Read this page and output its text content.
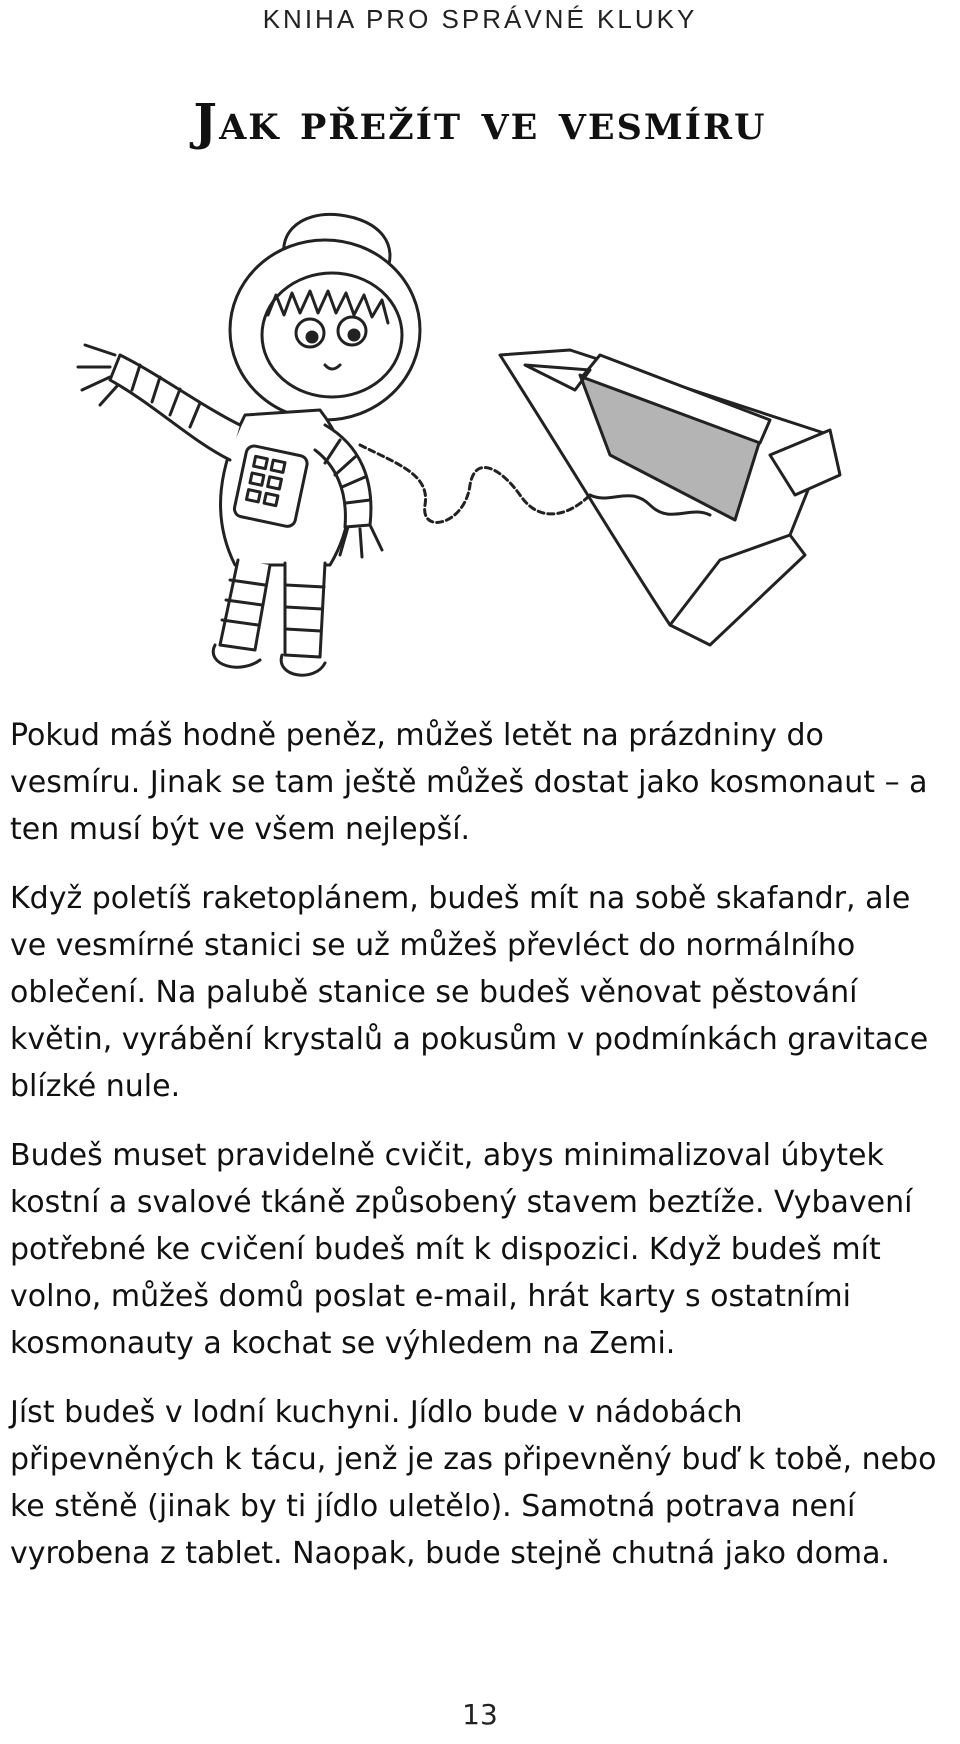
KNIHA PRO SPRÁVNÉ KLUKY
Jak přežít ve vesmíru

Pokud máš hodně peněz, můžeš letět na prázdniny do vesmíru. Jinak se tam ještě můžeš dostat jako kosmonaut – a ten musí být ve všem nejlepší.

Když poletíš raketoplánem, budeš mít na sobě skafandr, ale ve vesmírné stanici se už můžeš převléct do normálního oblečení. Na palubě stanice se budeš věnovat pěstování květin, vyrábění krystalů a pokusům v podmínkách gravitace blízké nule.

Budeš muset pravidelně cvičit, abys minimalizoval úbytek kostní a svalové tkáně způsobený stavem beztíže. Vybavení potřebné ke cvičení budeš mít k dispozici. Když budeš mít volno, můžeš domů poslat e-mail, hrát karty s ostatními kosmonauty a kochat se výhledem na Zemi.

Jíst budeš v lodní kuchyni. Jídlo bude v nádobách připevněných k tácu, jenž je zas připevněný buď k tobě, nebo ke stěně (jinak by ti jídlo uletělo). Samotná potrava není vyrobena z tablet. Naopak, bude stejně chutná jako doma.

13
